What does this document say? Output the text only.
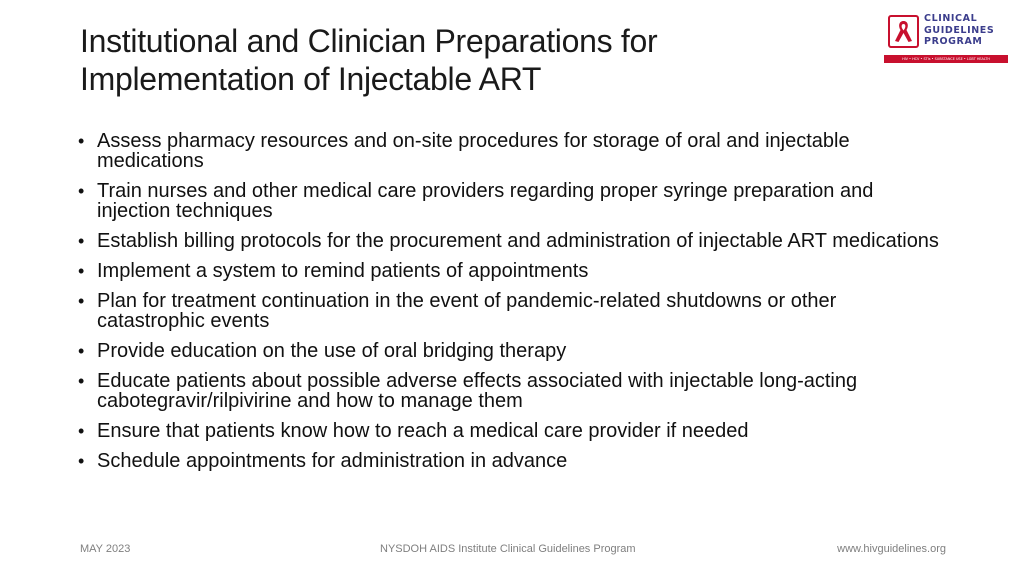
Institutional and Clinician Preparations for
Implementation of Injectable ART
CLINICAL
GUIDELINES
PROGRAM
HIV • HCV • STIs • SUBSTANCE USE • LGBT HEALTH
• Assess pharmacy resources and on-site procedures for storage of oral and injectable medications
• Train nurses and other medical care providers regarding proper syringe preparation and injection techniques
• Establish billing protocols for the procurement and administration of injectable ART medications
• Implement a system to remind patients of appointments
• Plan for treatment continuation in the event of pandemic-related shutdowns or other catastrophic events
• Provide education on the use of oral bridging therapy
• Educate patients about possible adverse effects associated with injectable long-acting cabotegravir/rilpivirine and how to manage them
• Ensure that patients know how to reach a medical care provider if needed
• Schedule appointments for administration in advance
MAY 2023	NYSDOH AIDS Institute Clinical Guidelines Program	www.hivguidelines.org
